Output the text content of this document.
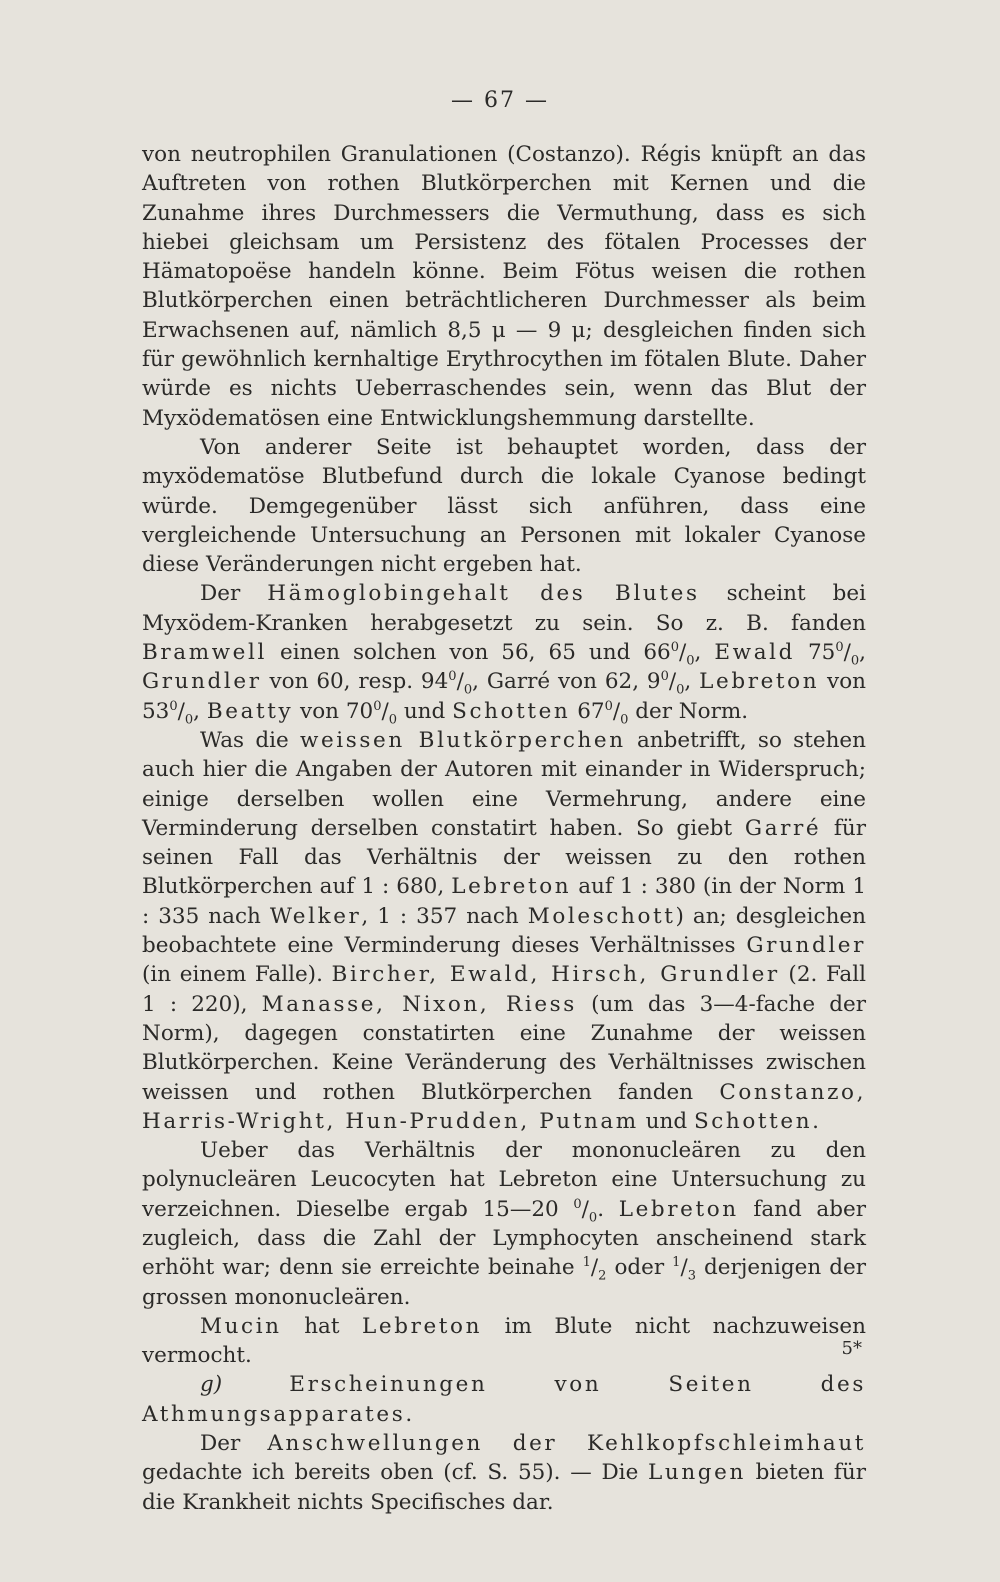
— 67 —

von neutrophilen Granulationen (Costanzo). Régis knüpft an das Auftreten von rothen Blutkörperchen mit Kernen und die Zunahme ihres Durchmessers die Vermuthung, dass es sich hiebei gleichsam um Persistenz des fötalen Processes der Hämatopoëse handeln könne. Beim Fötus weisen die rothen Blutkörperchen einen beträchtlicheren Durchmesser als beim Erwachsenen auf, nämlich 8,5 μ — 9 μ; desgleichen finden sich für gewöhnlich kernhaltige Erythrocythen im fötalen Blute. Daher würde es nichts Ueberraschendes sein, wenn das Blut der Myxödematösen eine Entwicklungshemmung darstellte.

Von anderer Seite ist behauptet worden, dass der myxödematöse Blutbefund durch die lokale Cyanose bedingt würde. Demgegenüber lässt sich anführen, dass eine vergleichende Untersuchung an Personen mit lokaler Cyanose diese Veränderungen nicht ergeben hat.

Der Hämoglobingehalt des Blutes scheint bei Myxödem-Kranken herabgesetzt zu sein. So z. B. fanden Bramwell einen solchen von 56, 65 und $66^0/_0$, Ewald $75^0/_0$, Grundler von 60, resp. $94^0/_0$, Garré von 62, $9^0/_0$, Lebreton von $53^0/_0$, Beatty von $70^0/_0$ und Schotten $67^0/_0$ der Norm.

Was die weissen Blutkörperchen anbetrifft, so stehen auch hier die Angaben der Autoren mit einander in Widerspruch; einige derselben wollen eine Vermehrung, andere eine Verminderung derselben constatirt haben. So giebt Garré für seinen Fall das Verhältnis der weissen zu den rothen Blutkörperchen auf 1 : 680, Lebreton auf 1 : 380 (in der Norm 1 : 335 nach Welker, 1 : 357 nach Moleschott) an; desgleichen beobachtete eine Verminderung dieses Verhältnisses Grundler (in einem Falle). Bircher, Ewald, Hirsch, Grundler (2. Fall 1 : 220), Manasse, Nixon, Riess (um das 3—4-fache der Norm), dagegen constatirten eine Zunahme der weissen Blutkörperchen. Keine Veränderung des Verhältnisses zwischen weissen und rothen Blutkörperchen fanden Constanzo, Harris-Wright, Hun-Prudden, Putnam und Schotten.

Ueber das Verhältnis der mononucleären zu den polynucleären Leucocyten hat Lebreton eine Untersuchung zu verzeichnen. Dieselbe ergab 15—20 $^0/_0$. Lebreton fand aber zugleich, dass die Zahl der Lymphocyten anscheinend stark erhöht war; denn sie erreichte beinahe $^1/_2$ oder $^1/_3$ derjenigen der grossen mononucleären.

Mucin hat Lebreton im Blute nicht nachzuweisen vermocht.

g) Erscheinungen von Seiten des Athmungsapparates.

Der Anschwellungen der Kehlkopfschleimhaut gedachte ich bereits oben (cf. S. 55). — Die Lungen bieten für die Krankheit nichts Specifisches dar.

5*
